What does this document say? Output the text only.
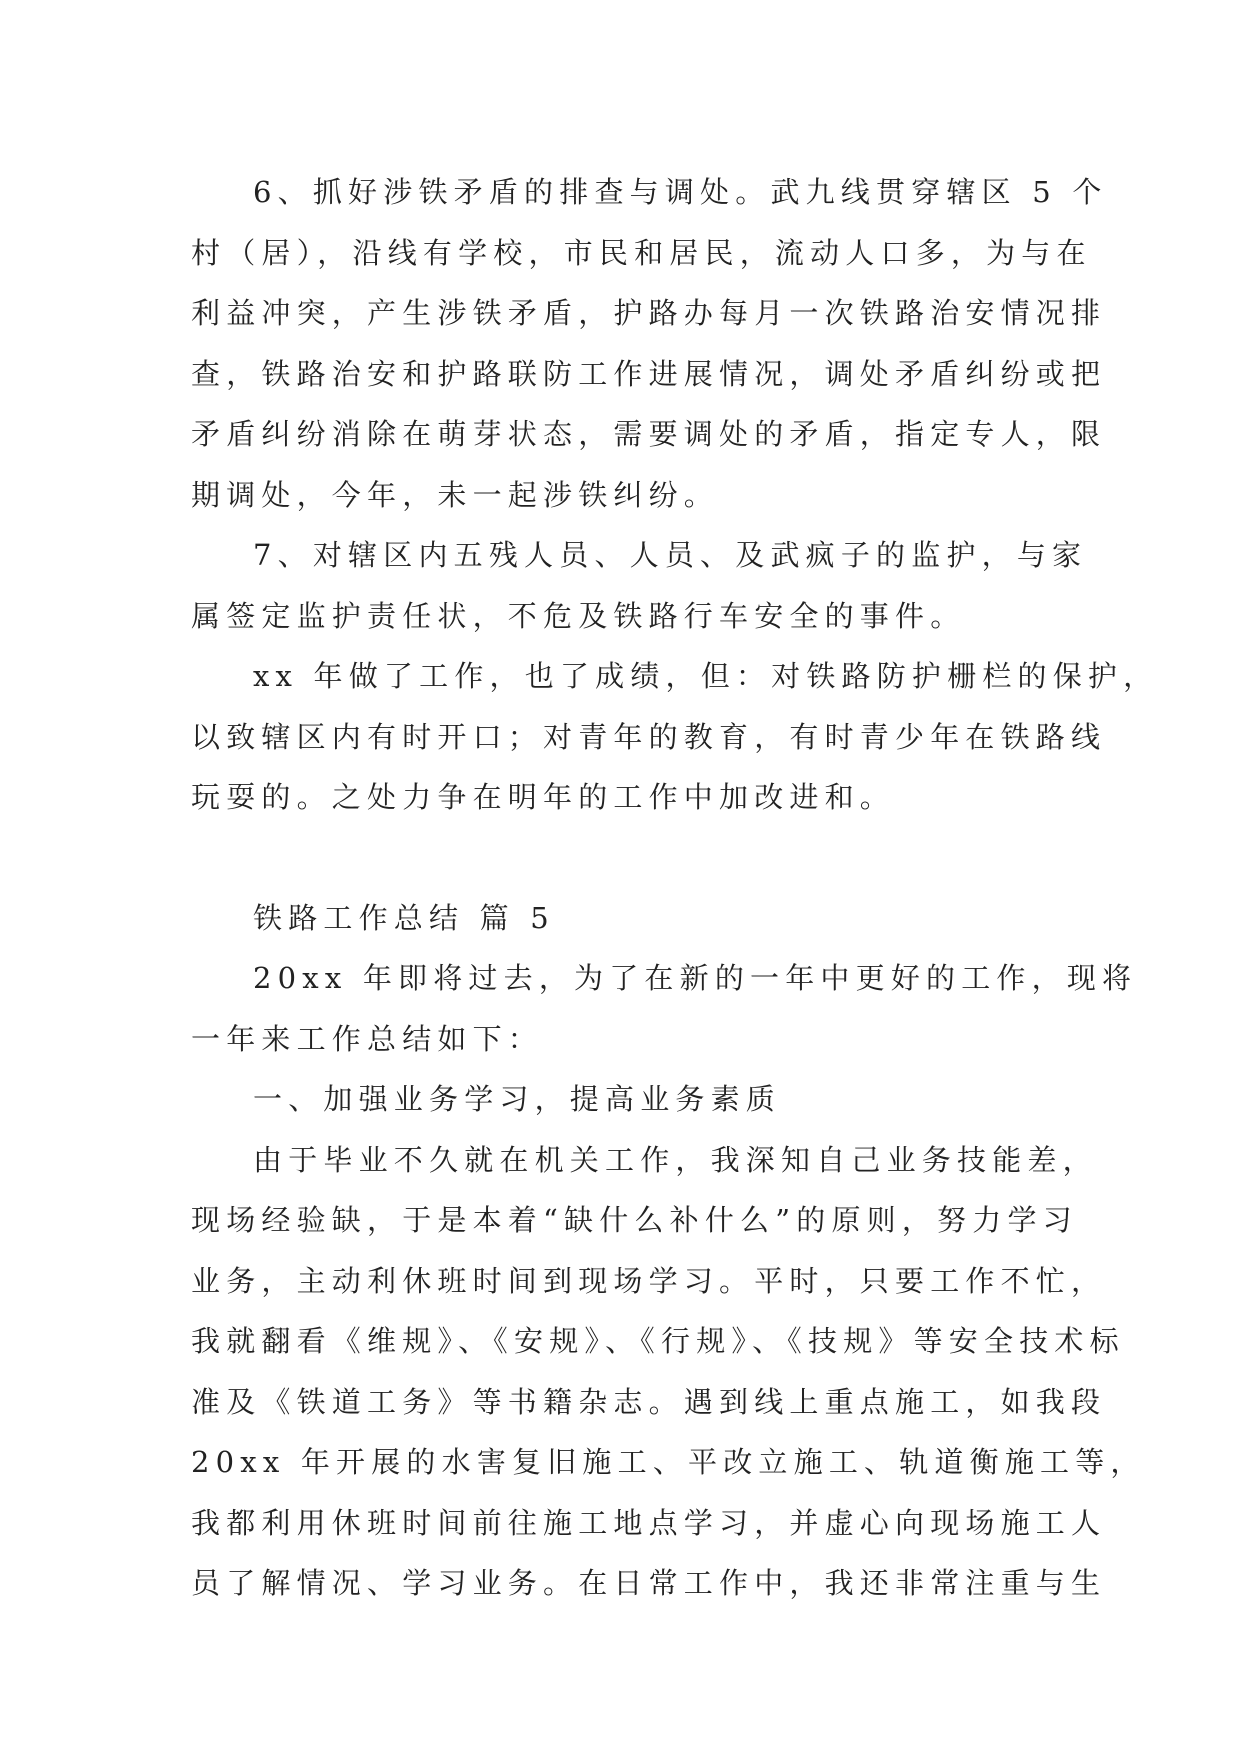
6、抓好涉铁矛盾的排查与调处。武九线贯穿辖区 5 个
村（居），沿线有学校，市民和居民，流动人口多，为与在
利益冲突，产生涉铁矛盾，护路办每月一次铁路治安情况排
查，铁路治安和护路联防工作进展情况，调处矛盾纠纷或把
矛盾纠纷消除在萌芽状态，需要调处的矛盾，指定专人，限
期调处，今年，未一起涉铁纠纷。
7、对辖区内五残人员、人员、及武疯子的监护，与家
属签定监护责任状，不危及铁路行车安全的事件。
xx 年做了工作，也了成绩，但：对铁路防护栅栏的保护，
以致辖区内有时开口；对青年的教育，有时青少年在铁路线
玩耍的。之处力争在明年的工作中加改进和。
铁路工作总结 篇 5
20xx 年即将过去，为了在新的一年中更好的工作，现将
一年来工作总结如下：
一、加强业务学习，提高业务素质
由于毕业不久就在机关工作，我深知自己业务技能差，
现场经验缺，于是本着“缺什么补什么”的原则，努力学习
业务，主动利休班时间到现场学习。平时，只要工作不忙，
我就翻看《维规》、《安规》、《行规》、《技规》等安全技术标
准及《铁道工务》等书籍杂志。遇到线上重点施工，如我段
20xx 年开展的水害复旧施工、平改立施工、轨道衡施工等，
我都利用休班时间前往施工地点学习，并虚心向现场施工人
员了解情况、学习业务。在日常工作中，我还非常注重与生
